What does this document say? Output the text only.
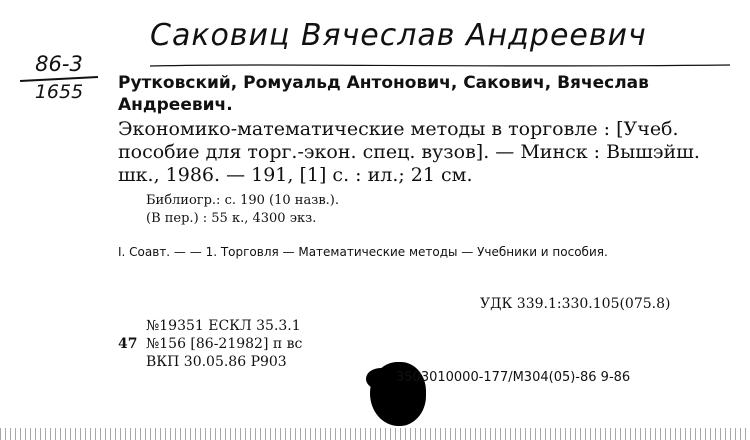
Саковиц Вячеслав Андреевич
86-3
1655	Рутковский, Ромуальд Антонович, Сакович, Вячеслав Андреевич.
Экономико-математические методы в торговле : [Учеб. пособие для торг.-экон. спец. вузов]. — Минск : Вышэйш. шк., 1986. — 191, [1] с. : ил.; 21 см.
Библиогр.: с. 190 (10 назв.).
(В пер.) : 55 к., 4300 экз.
I. Соавт. — — 1. Торговля — Математические методы — Учебники и пособия.
УДК 339.1:330.105(075.8)
№19351 ЕСКЛ 35.3.1
47 №156 [86-21982] п вс
ВКП 30.05.86 Р903
3503010000-177/М304(05)-86 9-86
